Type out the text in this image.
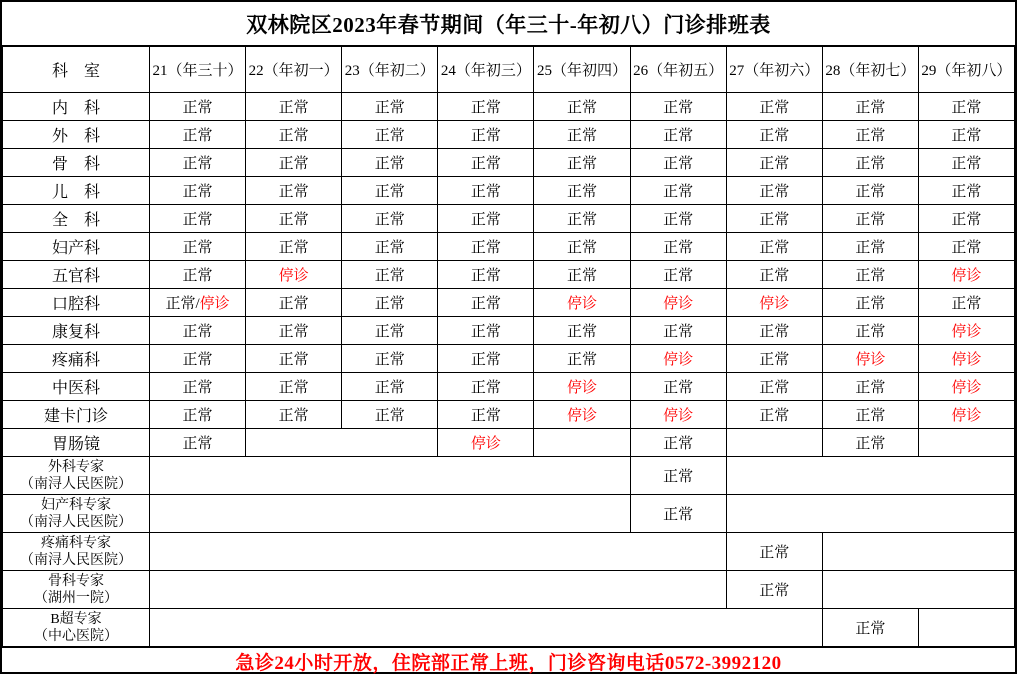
双林院区2023年春节期间（年三十-年初八）门诊排班表
科　室	21（年三十）	22（年初一）	23（年初二）	24（年初三）	25（年初四）	26（年初五）	27（年初六）	28（年初七）	29（年初八）
内　科	正常	正常	正常	正常	正常	正常	正常	正常	正常
外　科	正常	正常	正常	正常	正常	正常	正常	正常	正常
骨　科	正常	正常	正常	正常	正常	正常	正常	正常	正常
儿　科	正常	正常	正常	正常	正常	正常	正常	正常	正常
全　科	正常	正常	正常	正常	正常	正常	正常	正常	正常
妇产科	正常	正常	正常	正常	正常	正常	正常	正常	正常
五官科	正常	停诊	正常	正常	正常	正常	正常	正常	停诊
口腔科	正常/停诊	正常	正常	正常	停诊	停诊	停诊	正常	正常
康复科	正常	正常	正常	正常	正常	正常	正常	正常	停诊
疼痛科	正常	正常	正常	正常	正常	停诊	正常	停诊	停诊
中医科	正常	正常	正常	正常	停诊	正常	正常	正常	停诊
建卡门诊	正常	正常	正常	正常	停诊	停诊	正常	正常	停诊
胃肠镜	正常			停诊		正常		正常	

外科专家
（南浔人民医院）						正常			

妇产科专家
（南浔人民医院）						正常			

疼痛科专家
（南浔人民医院）							正常		

骨科专家
（湖州一院）							正常		

B超专家
（中心医院）								正常	
急诊24小时开放，住院部正常上班，门诊咨询电话0572-3992120
